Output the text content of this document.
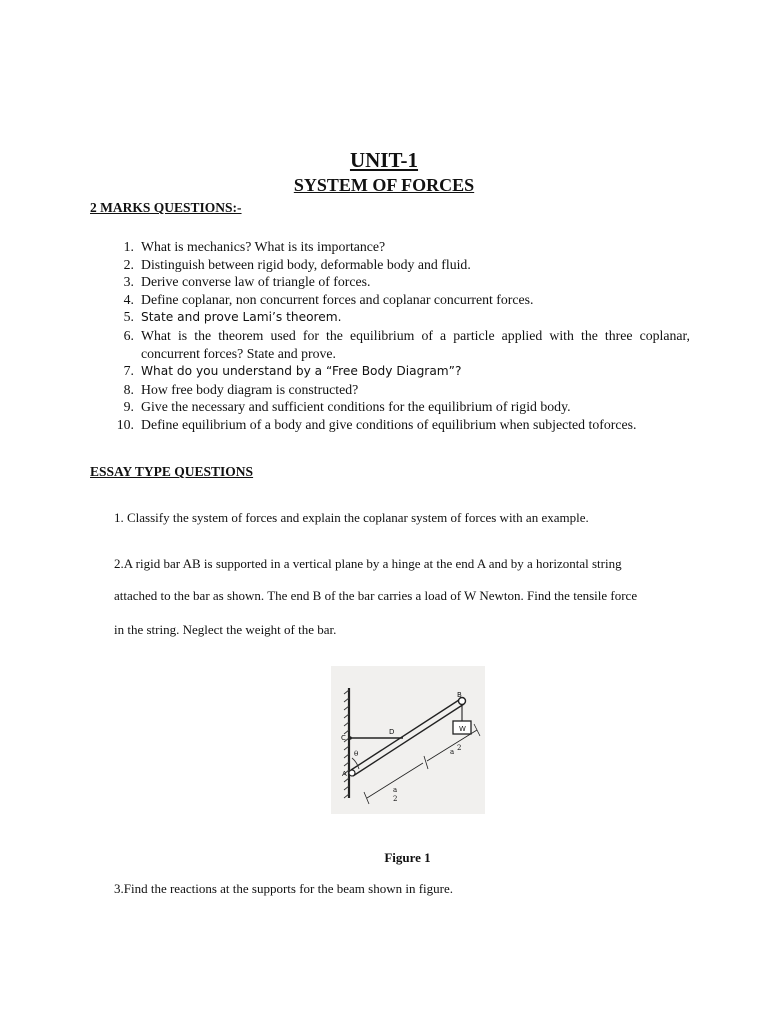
UNIT-1
SYSTEM OF FORCES
2 MARKS QUESTIONS:-
1. What is mechanics? What is its importance?
2. Distinguish between rigid body, deformable body and fluid.
3. Derive converse law of triangle of forces.
4. Define coplanar, non concurrent forces and coplanar concurrent forces.
5. State and prove Lami’s theorem.
6. What is the theorem used for the equilibrium of a particle applied with the three coplanar, concurrent forces? State and prove.
7. What do you understand by a “Free Body Diagram”?
8. How free body diagram is constructed?
9. Give the necessary and sufficient conditions for the equilibrium of rigid body.
10. Define equilibrium of a body and give conditions of equilibrium when subjected toforces.
ESSAY TYPE QUESTIONS
1. Classify the system of forces and explain the coplanar system of forces with an example.
2.A rigid bar AB is supported in a vertical plane by a hinge at the end A and by a horizontal string
attached to the bar as shown. The end B of the bar carries a load of W Newton. Find the tensile force
in the string. Neglect the weight of the bar.
B
W
D
C
A
θ
a
2
a 2
Figure 1
3.Find the reactions at the supports for the beam shown in figure.
